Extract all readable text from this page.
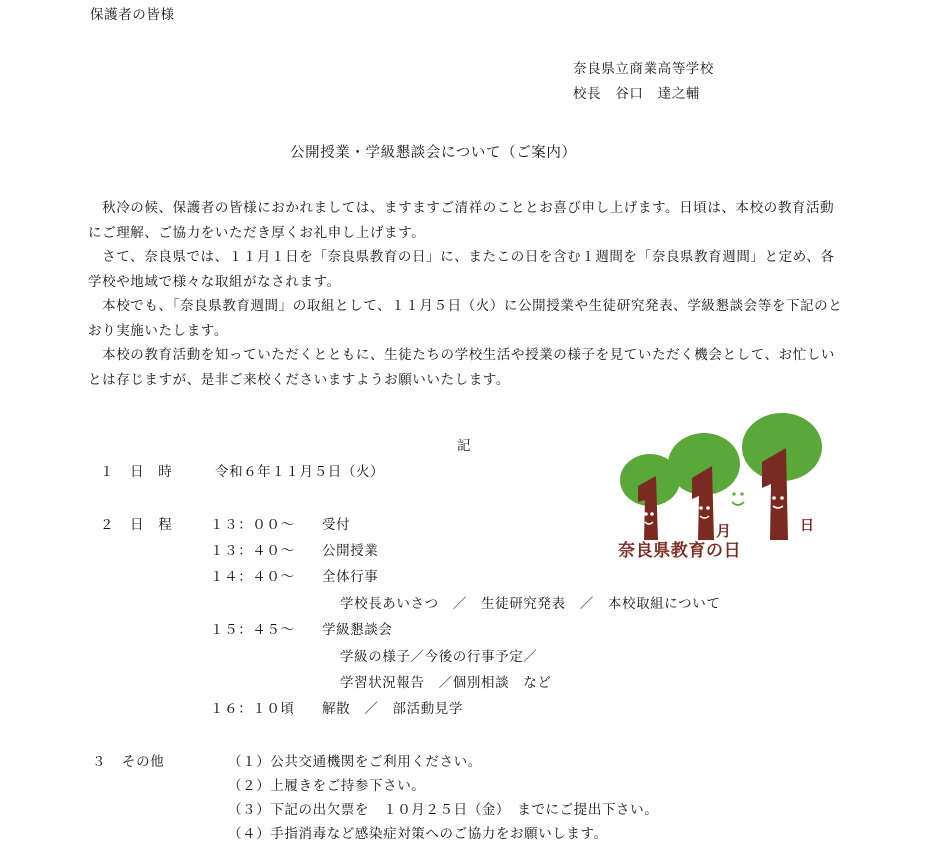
保護者の皆様
奈良県立商業高等学校
校長　谷口　達之輔
公開授業・学級懇談会について（ご案内）
　秋冷の候、保護者の皆様におかれましては、ますますご清祥のこととお喜び申し上げます。日頃は、本校の教育活動にご理解、ご協力をいただき厚くお礼申し上げます。
　さて、奈良県では、１１月１日を「奈良県教育の日」に、またこの日を含む１週間を「奈良県教育週間」と定め、各学校や地域で様々な取組がなされます。
　本校でも、「奈良県教育週間」の取組として、１１月５日（火）に公開授業や生徒研究発表、学級懇談会等を下記のとおり実施いたします。
　本校の教育活動を知っていただくとともに、生徒たちの学校生活や授業の様子を見ていただく機会として、お忙しいとは存じますが、是非ご来校くださいますようお願いいたします。
記
１ 日　時	令和６年１１月５日（火）
２ 日　程	１３：００～ 受付
１３：４０～ 公開授業
１４：４０～ 全体行事
学校長あいさつ　／　生徒研究発表　／　本校取組について
１５：４５～ 学級懇談会
学級の様子／今後の行事予定／
学習状況報告　／個別相談　など
１６：１０頃 解散　／　部活動見学
３ その他	（１）公共交通機関をご利用ください。
（２）上履きをご持参下さい。
（３）下記の出欠票を　１０月２５日（金）　までにご提出下さい。
（４）手指消毒など感染症対策へのご協力をお願いします。
月	日
奈良県教育の日
